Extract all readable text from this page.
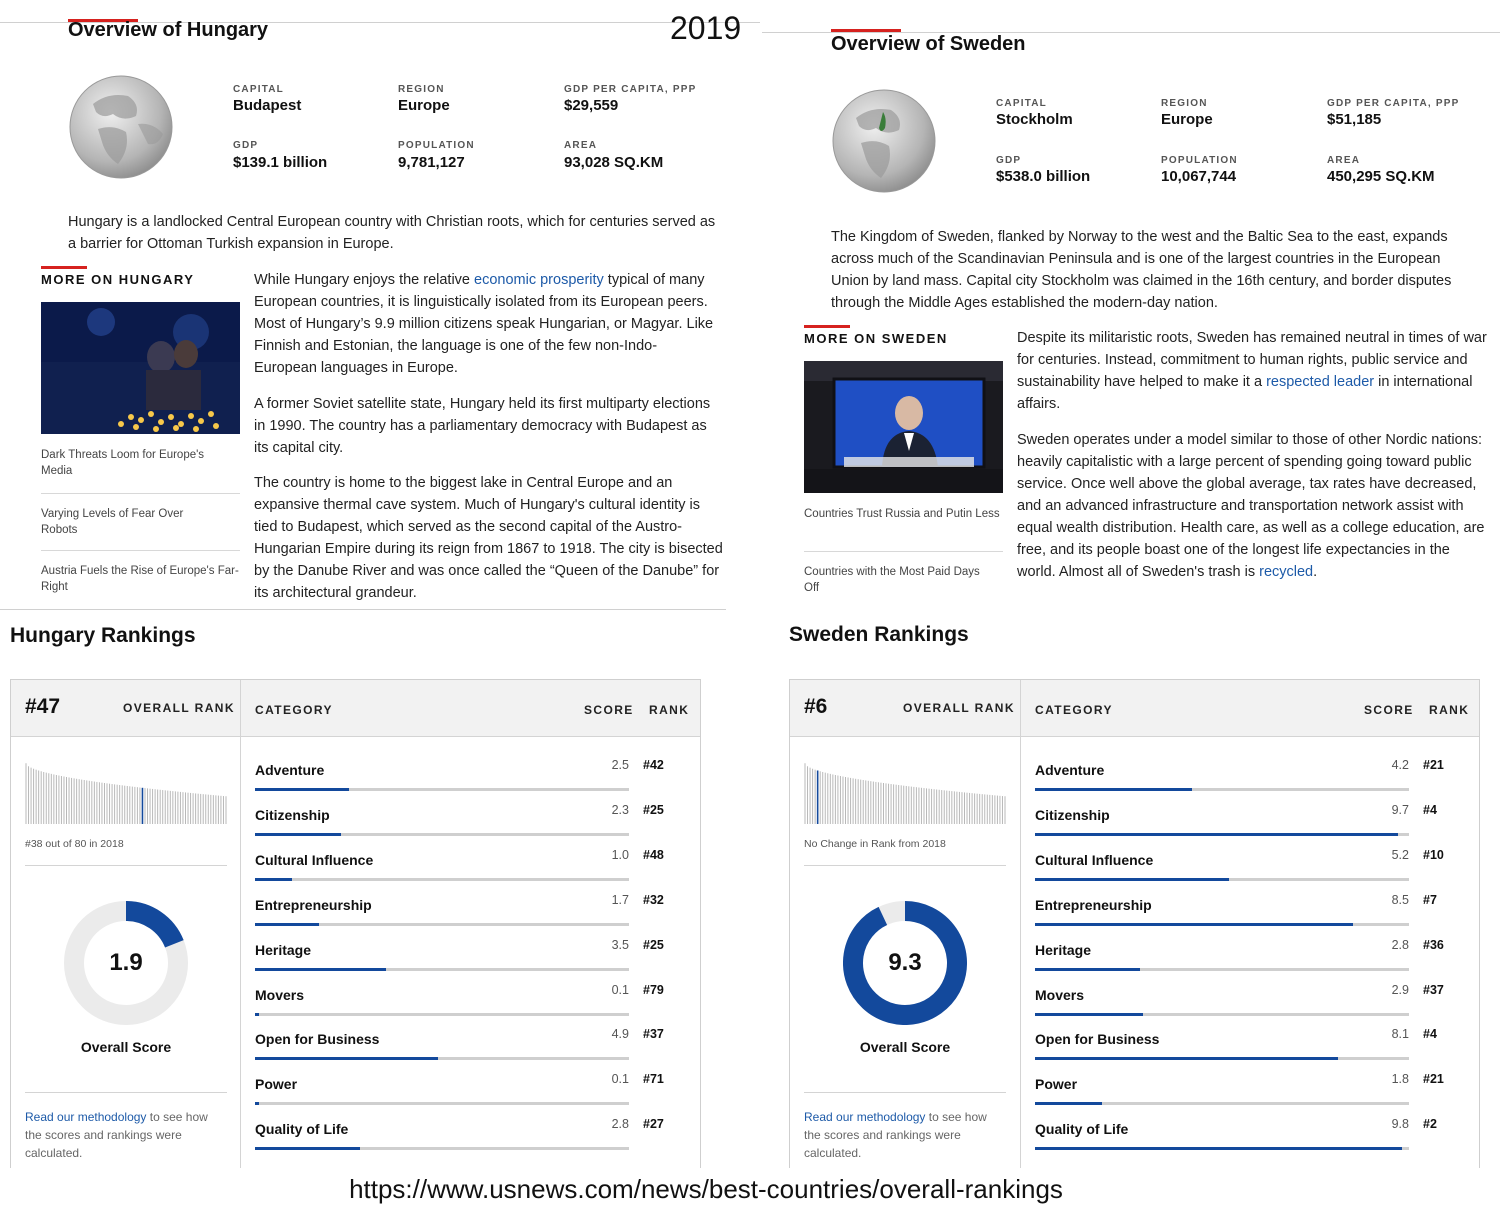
2019
Overview of Hungary
CAPITAL
Budapest
REGION
Europe
GDP PER CAPITA, PPP
$29,559
GDP
$139.1 billion
POPULATION
9,781,127
AREA
93,028 SQ.KM
Hungary is a landlocked Central European country with Christian roots, which for centuries served as a barrier for Ottoman Turkish expansion in Europe.
MORE ON HUNGARY
Dark Threats Loom for Europe's Media
Varying Levels of Fear Over Robots
Austria Fuels the Rise of Europe's Far-Right
While Hungary enjoys the relative economic prosperity typical of many European countries, it is linguistically isolated from its European peers. Most of Hungary’s 9.9 million citizens speak Hungarian, or Magyar. Like Finnish and Estonian, the language is one of the few non-Indo-European languages in Europe.
A former Soviet satellite state, Hungary held its first multiparty elections in 1990. The country has a parliamentary democracy with Budapest as its capital city.
The country is home to the biggest lake in Central Europe and an expansive thermal cave system. Much of Hungary's cultural identity is tied to Budapest, which served as the second capital of the Austro-Hungarian Empire during its reign from 1867 to 1918. The city is bisected by the Danube River and was once called the “Queen of the Danube” for its architectural grandeur.
Overview of Sweden
CAPITAL
Stockholm
REGION
Europe
GDP PER CAPITA, PPP
$51,185
GDP
$538.0 billion
POPULATION
10,067,744
AREA
450,295 SQ.KM
The Kingdom of Sweden, flanked by Norway to the west and the Baltic Sea to the east, expands across much of the Scandinavian Peninsula and is one of the largest countries in the European Union by land mass. Capital city Stockholm was claimed in the 16th century, and border disputes through the Middle Ages established the modern-day nation.
MORE ON SWEDEN
Countries Trust Russia and Putin Less
Countries with the Most Paid Days Off
Despite its militaristic roots, Sweden has remained neutral in times of war for centuries. Instead, commitment to human rights, public service and sustainability have helped to make it a respected leader in international affairs.
Sweden operates under a model similar to those of other Nordic nations: heavily capitalistic with a large percent of spending going toward public service. Once well above the global average, tax rates have decreased, and an advanced infrastructure and transportation network assist with equal wealth distribution. Health care, as well as a college education, are free, and its people boast one of the longest life expectancies in the world. Almost all of Sweden's trash is recycled.
Hungary Rankings
#47	OVERALL RANK CATEGORY	SCORE RANK
#38 out of 80 in 2018
1.9
Overall Score
Read our methodology to see how the scores and rankings were calculated.
Adventure	2.5 #42
Citizenship	2.3 #25
Cultural Influence	1.0 #48
Entrepreneurship	1.7 #32
Heritage	3.5 #25
Movers	0.1 #79
Open for Business	4.9 #37
Power	0.1 #71
Quality of Life	2.8 #27
Sweden Rankings
#6	OVERALL RANK CATEGORY	SCORE RANK
No Change in Rank from 2018
9.3
Overall Score
Read our methodology to see how the scores and rankings were calculated.
Adventure	4.2 #21
Citizenship	9.7 #4
Cultural Influence	5.2 #10
Entrepreneurship	8.5 #7
Heritage	2.8 #36
Movers	2.9 #37
Open for Business	8.1 #4
Power	1.8 #21
Quality of Life	9.8 #2
https://www.usnews.com/news/best-countries/overall-rankings
